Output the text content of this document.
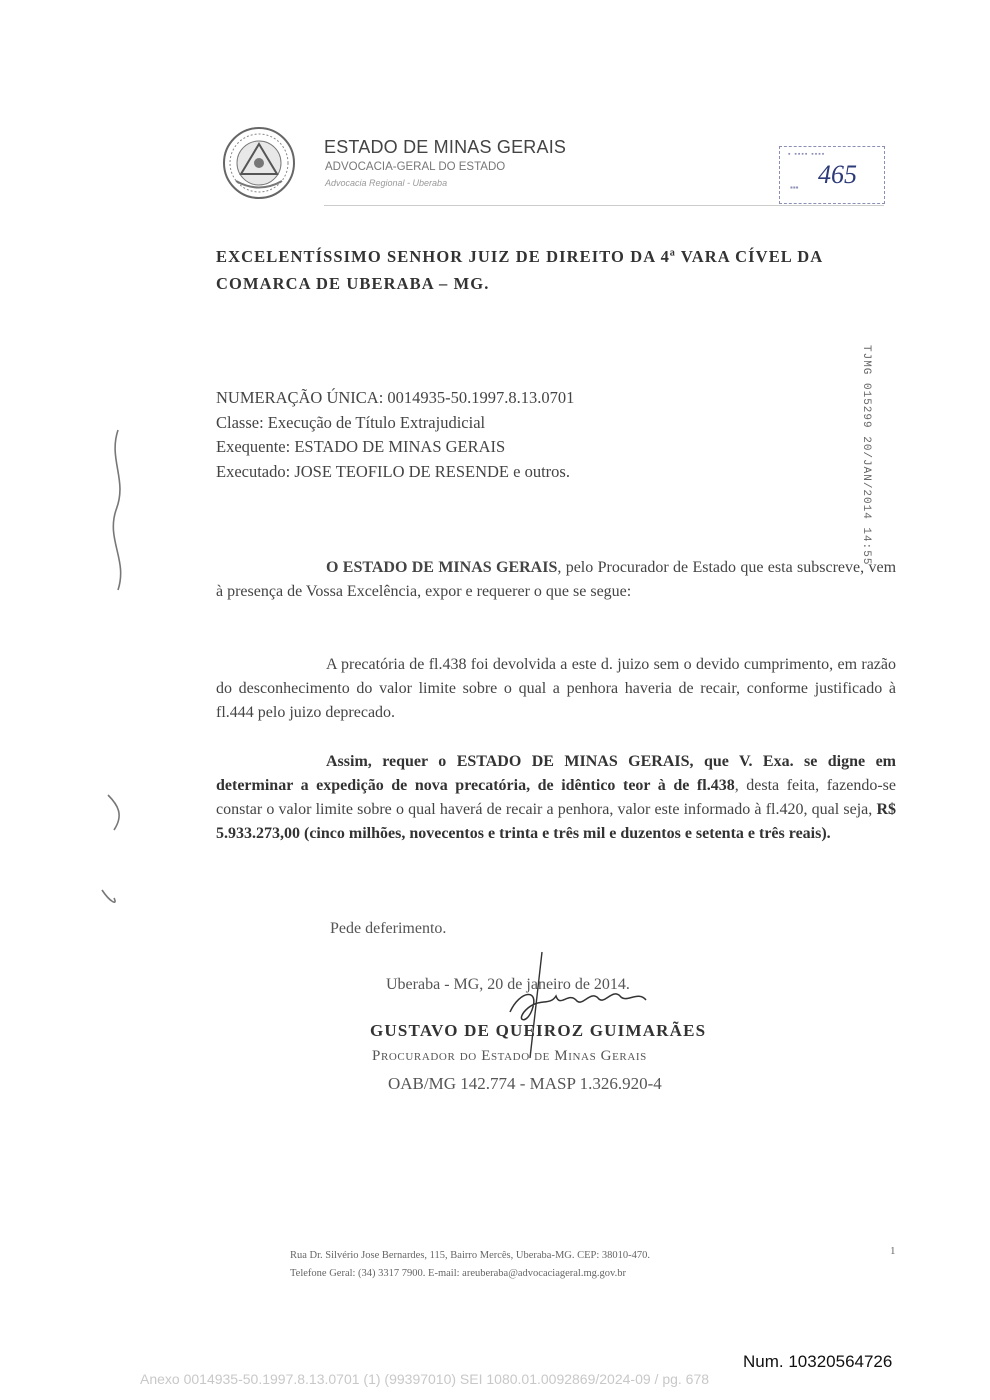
ESTADO DE MINAS GERAIS
ADVOCACIA-GERAL DO ESTADO
Advocacia Regional - Uberaba
▪ ▪▪▪▪ ▪▪▪▪
▪▪▪ 465
EXCELENTÍSSIMO SENHOR JUIZ DE DIREITO DA 4ª VARA CÍVEL DA COMARCA DE UBERABA – MG.
NUMERAÇÃO ÚNICA: 0014935-50.1997.8.13.0701
Classe: Execução de Título Extrajudicial
Exequente: ESTADO DE MINAS GERAIS
Executado: JOSE TEOFILO DE RESENDE e outros.	TJMG 015299 20/JAN/2014 14:55
O ESTADO DE MINAS GERAIS, pelo Procurador de Estado que esta subscreve, vem à presença de Vossa Excelência, expor e requerer o que se segue:
A precatória de fl.438 foi devolvida a este d. juizo sem o devido cumprimento, em razão do desconhecimento do valor limite sobre o qual a penhora haveria de recair, conforme justificado à fl.444 pelo juizo deprecado.
Assim, requer o ESTADO DE MINAS GERAIS, que V. Exa. se digne em determinar a expedição de nova precatória, de idêntico teor à de fl.438, desta feita, fazendo-se constar o valor limite sobre o qual haverá de recair a penhora, valor este informado à fl.420, qual seja, R$ 5.933.273,00 (cinco milhões, novecentos e trinta e três mil e duzentos e setenta e três reais).
Pede deferimento.
Uberaba - MG, 20 de janeiro de 2014.
GUSTAVO DE QUEIROZ GUIMARÃES
Procurador do Estado de Minas Gerais
OAB/MG 142.774 - MASP 1.326.920-4
Rua Dr. Silvério Jose Bernardes, 115, Bairro Mercês, Uberaba-MG. CEP: 38010-470.
Telefone Geral: (34) 3317 7900. E-mail: areuberaba@advocaciageral.mg.gov.br
1
Num. 10320564726
Anexo 0014935-50.1997.8.13.0701 (1) (99397010) SEI 1080.01.0092869/2024-09 / pg. 678
